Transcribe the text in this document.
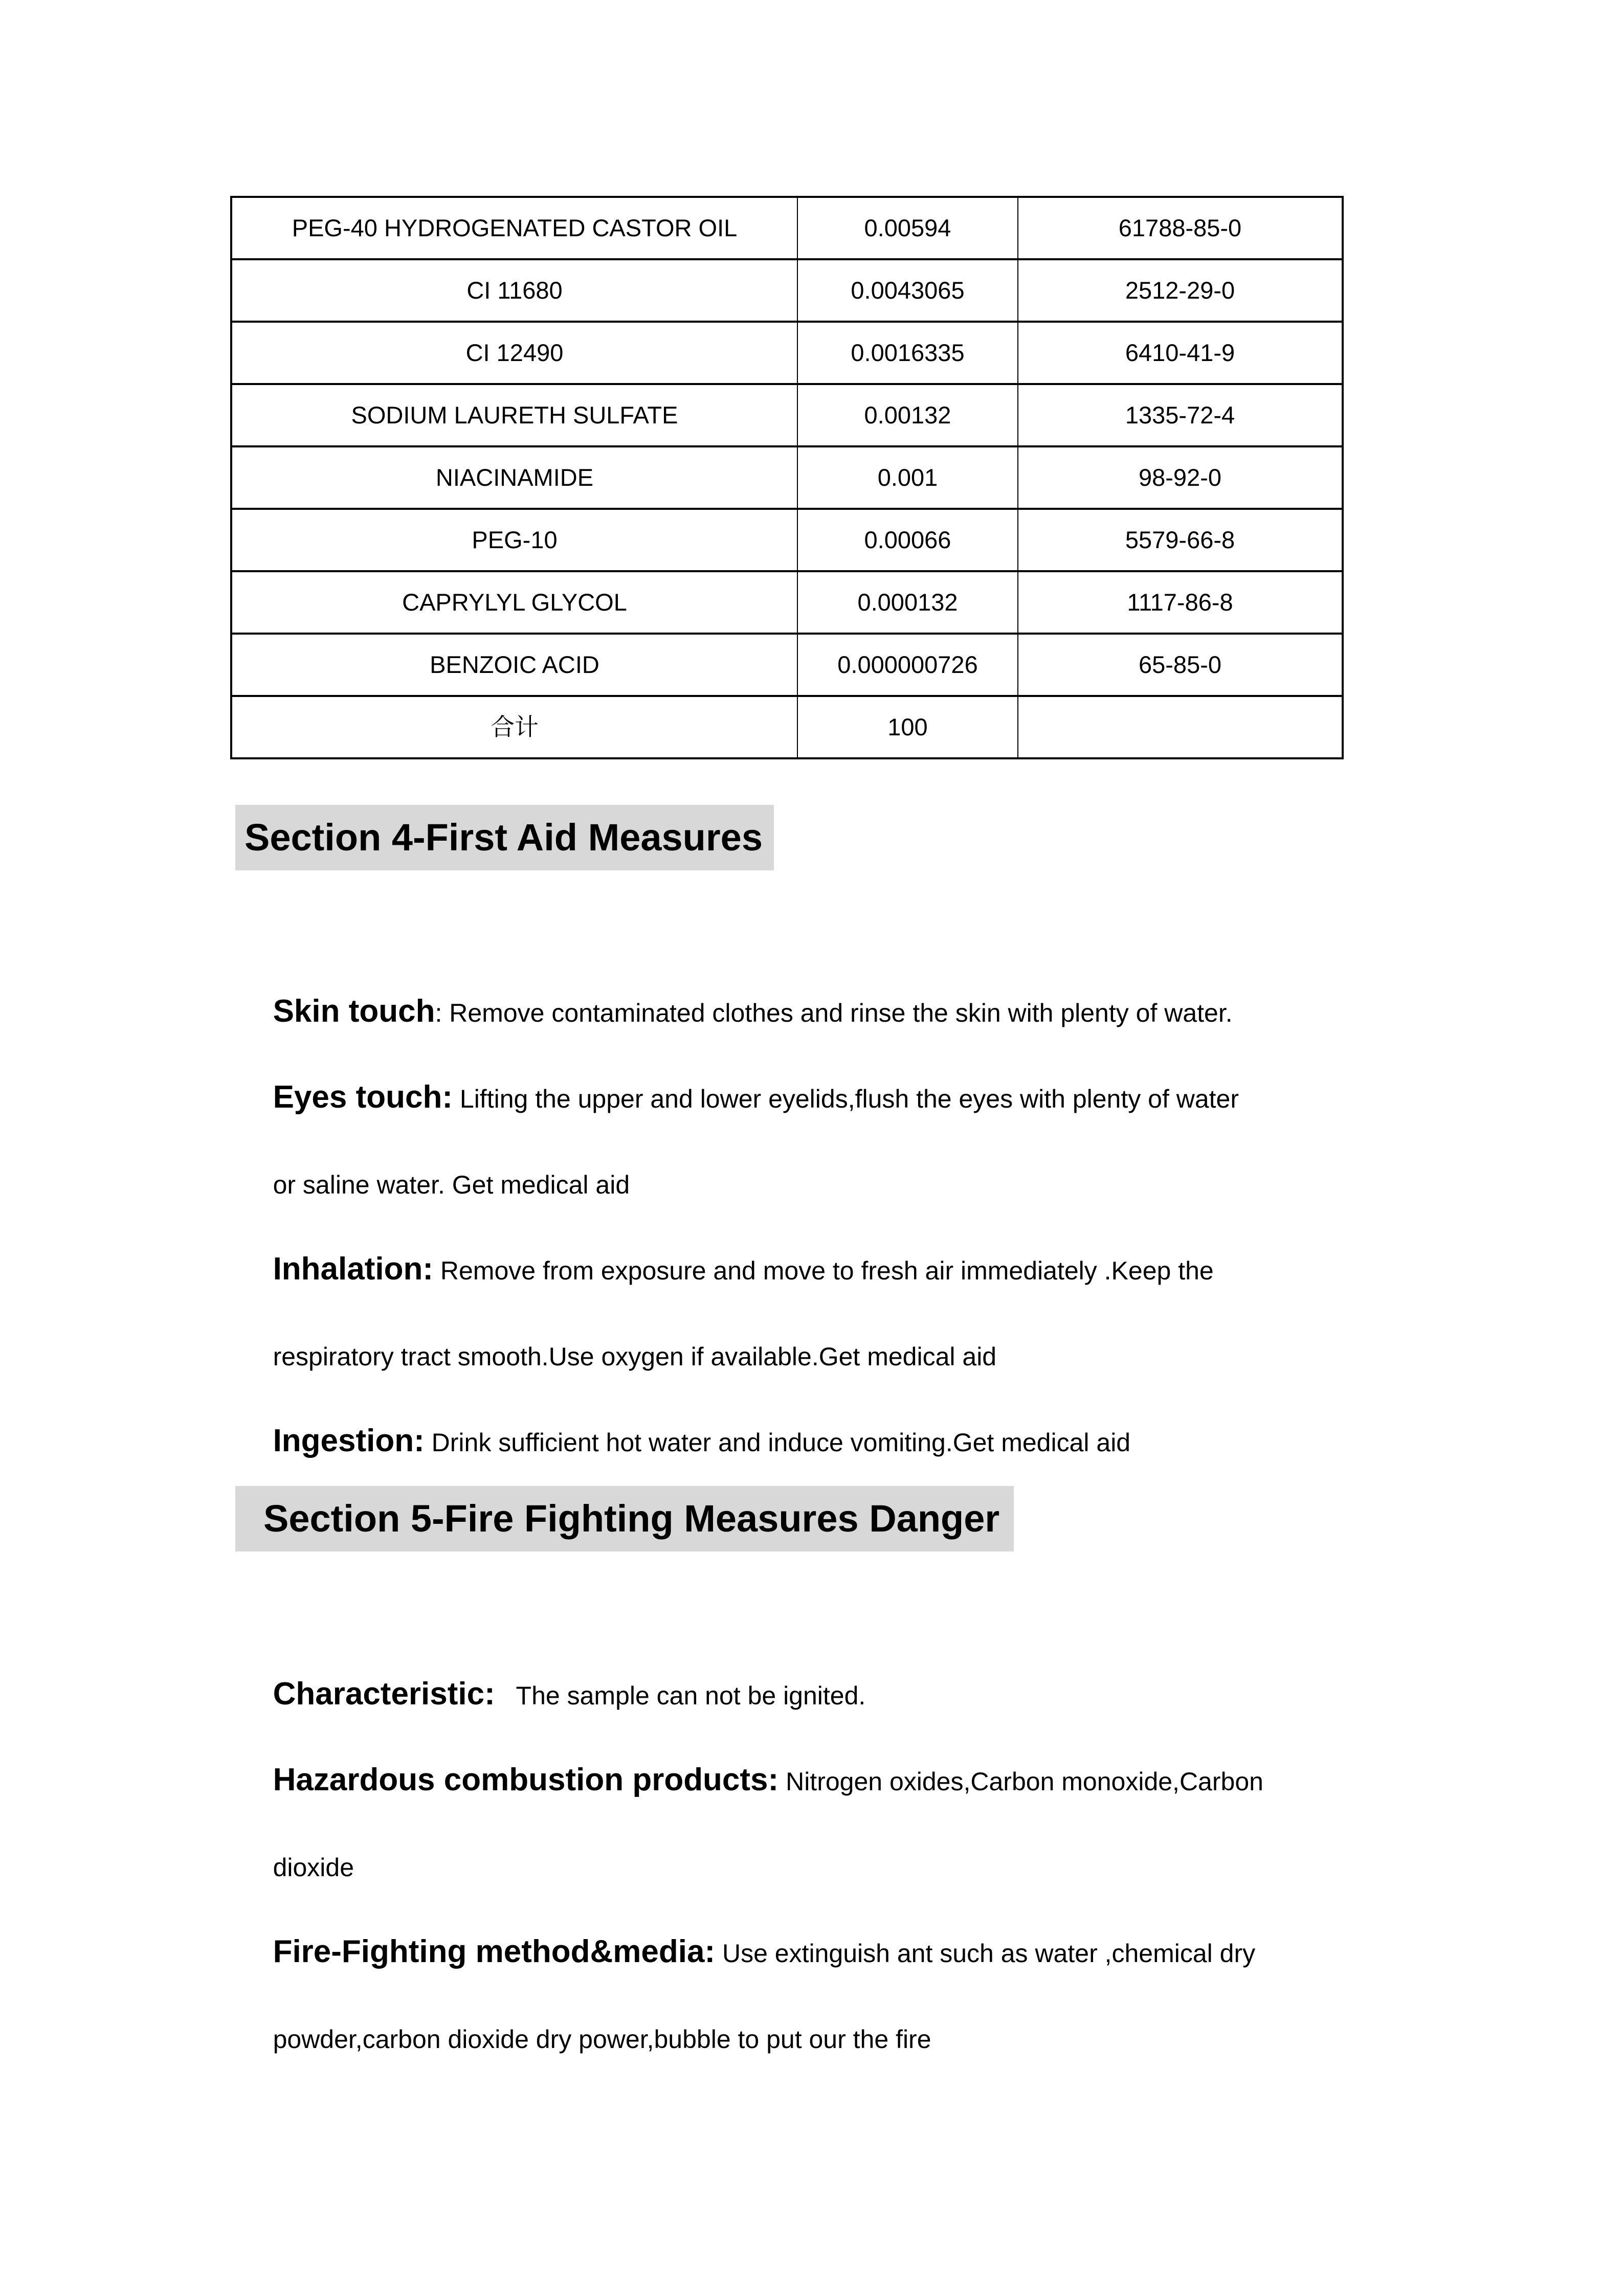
PEG-40 HYDROGENATED CASTOR OIL	0.00594	61788-85-0
CI 11680	0.0043065	2512-29-0
CI 12490	0.0016335	6410-41-9
SODIUM LAURETH SULFATE	0.00132	1335-72-4
NIACINAMIDE	0.001	98-92-0
PEG-10	0.00066	5579-66-8
CAPRYLYL GLYCOL	0.000132	1117-86-8
BENZOIC ACID	0.000000726	65-85-0
合计	100	
Section 4-First Aid Measures

Skin touch: Remove contaminated clothes and rinse the skin with plenty of water.

Eyes touch: Lifting the upper and lower eyelids,flush the eyes with plenty of water

or saline water. Get medical aid

Inhalation: Remove from exposure and move to fresh air immediately .Keep the

respiratory tract smooth.Use oxygen if available.Get medical aid

Ingestion: Drink sufficient hot water and induce vomiting.Get medical aid

Section 5-Fire Fighting Measures Danger

Characteristic:   The sample can not be ignited.

Hazardous combustion products: Nitrogen oxides,Carbon monoxide,Carbon

dioxide

Fire-Fighting method&media: Use extinguish ant such as water ,chemical dry

powder,carbon dioxide dry power,bubble to put our the fire
